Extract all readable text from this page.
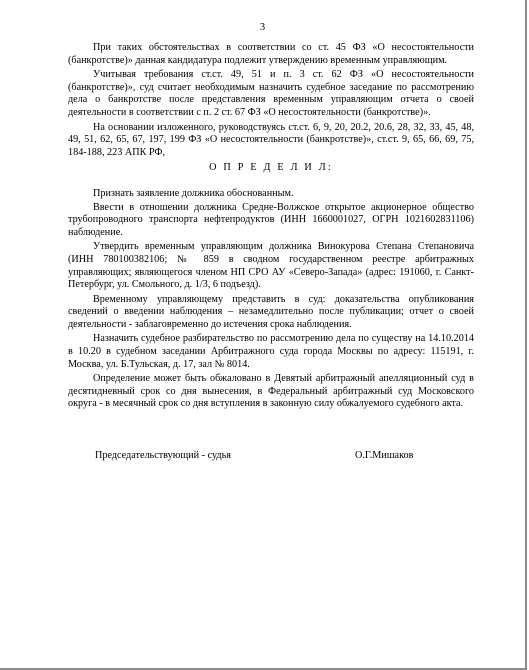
3

При таких обстоятельствах в соответствии со ст. 45 ФЗ «О несостоятельности (банкротстве)» данная кандидатура подлежит утверждению временным управляющим.

Учитывая требования ст.ст. 49, 51 и п. 3 ст. 62 ФЗ «О несостоятельности (банкротстве)», суд считает необходимым назначить судебное заседание по рассмотрению дела о банкротстве после представления временным управляющим отчета о своей деятельности в соответствии с п. 2 ст. 67 ФЗ «О несостоятельности (банкротстве)».

На основании изложенного, руководствуясь ст.ст. 6, 9, 20, 20.2, 20.6, 28, 32, 33, 45, 48, 49, 51, 62, 65, 67, 197, 199 ФЗ «О несостоятельности (банкротстве)», ст.ст. 9, 65, 66, 69, 75, 184-188, 223 АПК РФ,

О П Р Е Д Е Л И Л:

Признать заявление должника обоснованным.

Ввести в отношении должника Средне-Волжское открытое акционерное общество трубопроводного транспорта нефтепродуктов (ИНН 1660001027, ОГРН 1021602831106) наблюдение.

Утвердить временным управляющим должника Винокурова Степана Степановича (ИНН 780100382106; № 859 в сводном государственном реестре арбитражных управляющих; являющегося членом НП СРО АУ «Северо-Запада» (адрес: 191060, г. Санкт-Петербург, ул. Смольного, д. 1/3, 6 подъезд).

Временному управляющему представить в суд: доказательства опубликования сведений о введении наблюдения – незамедлительно после публикации; отчет о своей деятельности - заблаговременно до истечения срока наблюдения.

Назначить судебное разбирательство по рассмотрению дела по существу на 14.10.2014 в 10.20 в судебном заседании Арбитражного суда города Москвы по адресу: 115191, г. Москва, ул. Б.Тульская, д. 17, зал № 8014.

Определение может быть обжаловано в Девятый арбитражный апелляционный суд в десятидневный срок со дня вынесения, в Федеральный арбитражный суд Московского округа - в месячный срок со дня вступления в законную силу обжалуемого судебного акта.

Председательствующий - судья	О.Г.Мишаков
